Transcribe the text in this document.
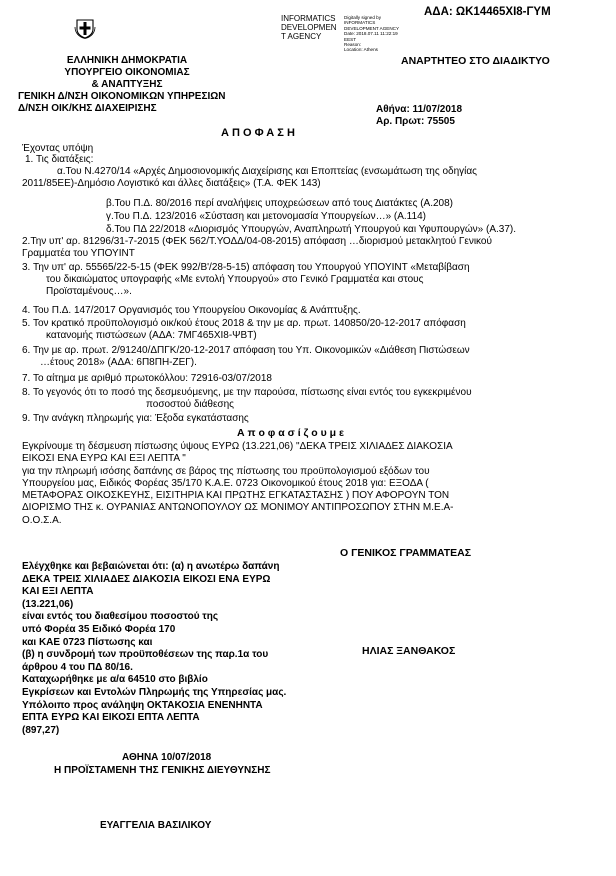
ΑΔΑ: ΩΚ14465ΧΙ8-ΓΥΜ
INFORMATICS
DEVELOPMEN
T AGENCY
Digitally signed by
INFORMATICS
DEVELOPMENT AGENCY
Date: 2018.07.11 11:22:19
EEST
Reason:
Location: Athens
ΕΛΛΗΝΙΚΗ ΔΗΜΟΚΡΑΤΙΑ
ΥΠΟΥΡΓΕΙΟ ΟΙΚΟΝΟΜΙΑΣ
& ΑΝΑΠΤΥΞΗΣ
ΓΕΝΙΚΗ Δ/ΝΣΗ ΟΙΚΟΝΟΜΙΚΩΝ ΥΠΗΡΕΣΙΩΝ
Δ/ΝΣΗ ΟΙΚ/ΚΗΣ ΔΙΑΧΕΙΡΙΣΗΣ
ΑΝΑΡΤΗΤΕΟ ΣΤΟ ΔΙΑΔΙΚΤΥΟ
Αθήνα: 11/07/2018
Αρ. Πρωτ: 75505
Α Π Ο Φ Α Σ Η
Έχοντας υπόψη
1. Τις διατάξεις:
α.Του Ν.4270/14 «Αρχές Δημοσιονομικής Διαχείρισης και Εποπτείας (ενσωμάτωση της οδηγίας
2011/85ΕΕ)-Δημόσιο Λογιστικό και άλλες διατάξεις» (Τ.Α. ΦΕΚ 143)
β.Του Π.Δ. 80/2016 περί αναλήψεις υποχρεώσεων από τους Διατάκτες (Α.208)
γ.Του Π.Δ. 123/2016 «Σύσταση και μετονομασία Υπουργείων…» (Α.114)
δ.Του ΠΔ 22/2018 «Διορισμός Υπουργών, Αναπληρωτή Υπουργού και Υφυπουργών» (Α.37).
2.Την υπ' αρ. 81296/31-7-2015 (ΦΕΚ 562/Τ.ΥΟΔΔ/04-08-2015) απόφαση …διορισμού μετακλητού Γενικού
Γραμματέα του ΥΠΟΥΙΝΤ
3. Την υπ' αρ. 55565/22-5-15 (ΦΕΚ 992/Β'/28-5-15) απόφαση του Υπουργού ΥΠΟΥΙΝΤ «Μεταβίβαση
του δικαιώματος υπογραφής «Με εντολή Υπουργού» στο Γενικό Γραμματέα και στους
Προϊσταμένους…».
4. Του Π.Δ. 147/2017 Οργανισμός του Υπουργείου Οικονομίας & Ανάπτυξης.
5. Τον κρατικό προϋπολογισμό οικ/κού έτους 2018 & την με αρ. πρωτ. 140850/20-12-2017 απόφαση
κατανομής πιστώσεων (ΑΔΑ: 7ΜΓ465ΧΙ8-ΨΒΤ)
6. Την με αρ. πρωτ. 2/91240/ΔΠΓΚ/20-12-2017 απόφαση του Υπ. Οικονομικών «Διάθεση Πιστώσεων
…έτους 2018» (ΑΔΑ: 6Π8ΠΗ-ΖΕΓ).
7. Το αίτημα με αριθμό πρωτοκόλλου: 72916-03/07/2018
8. Το γεγονός ότι το ποσό της δεσμευόμενης, με την παρούσα, πίστωσης είναι εντός του εγκεκριμένου
ποσοστού διάθεσης
9. Την ανάγκη πληρωμής για: Έξοδα εγκατάστασης
Α π ο φ α σ ί ζ ο υ μ ε
Εγκρίνουμε τη δέσμευση πίστωσης ύψους ΕΥΡΩ (13.221,06) "ΔΕΚΑ ΤΡΕΙΣ ΧΙΛΙΑΔΕΣ ΔΙΑΚΟΣΙΑ
ΕΙΚΟΣΙ ΕΝΑ ΕΥΡΩ ΚΑΙ ΕΞΙ ΛΕΠΤΑ "
για την πληρωμή ισόσης δαπάνης σε βάρος της πίστωσης του προϋπολογισμού εξόδων του
Υπουργείου μας, Ειδικός Φορέας 35/170 Κ.Α.Ε. 0723 Οικονομικού έτους 2018 για: ΕΞΟΔΑ (
ΜΕΤΑΦΟΡΑΣ ΟΙΚΟΣΚΕΥΗΣ, ΕΙΣΙΤΗΡΙΑ ΚΑΙ ΠΡΩΤΗΣ ΕΓΚΑΤΑΣΤΑΣΗΣ ) ΠΟΥ ΑΦΟΡΟΥΝ ΤΟΝ
ΔΙΟΡΙΣΜΟ ΤΗΣ κ. ΟΥΡΑΝΙΑΣ ΑΝΤΩΝΟΠΟΥΛΟΥ ΩΣ ΜΟΝΙΜΟΥ ΑΝΤΙΠΡΟΣΩΠΟΥ ΣΤΗΝ Μ.Ε.Α-
Ο.Ο.Σ.Α.
Ο ΓΕΝΙΚΟΣ ΓΡΑΜΜΑΤΕΑΣ
ΗΛΙΑΣ ΞΑΝΘΑΚΟΣ
Ελέγχθηκε και βεβαιώνεται ότι: (α) η ανωτέρω δαπάνη
ΔΕΚΑ ΤΡΕΙΣ ΧΙΛΙΑΔΕΣ ΔΙΑΚΟΣΙΑ ΕΙΚΟΣΙ ΕΝΑ ΕΥΡΩ
ΚΑΙ ΕΞΙ ΛΕΠΤΑ
(13.221,06)
είναι εντός του διαθεσίμου ποσοστού της
υπό Φορέα 35 Ειδικό Φορέα 170
και ΚΑΕ 0723 Πίστωσης και
(β) η συνδρομή των προϋποθέσεων της παρ.1α του
άρθρου 4 του ΠΔ 80/16.
Καταχωρήθηκε με α/α 64510 στο βιβλίο
Εγκρίσεων και Εντολών Πληρωμής της Υπηρεσίας μας.
Υπόλοιπο προς ανάληψη ΟΚΤΑΚΟΣΙΑ ΕΝΕΝΗΝΤΑ
ΕΠΤΑ ΕΥΡΩ ΚΑΙ ΕΙΚΟΣΙ ΕΠΤΑ ΛΕΠΤΑ
(897,27)
ΑΘΗΝΑ 10/07/2018
Η ΠΡΟΪΣΤΑΜΕΝΗ ΤΗΣ ΓΕΝΙΚΗΣ ΔΙΕΥΘΥΝΣΗΣ
ΕΥΑΓΓΕΛΙΑ ΒΑΣΙΛΙΚΟΥ
